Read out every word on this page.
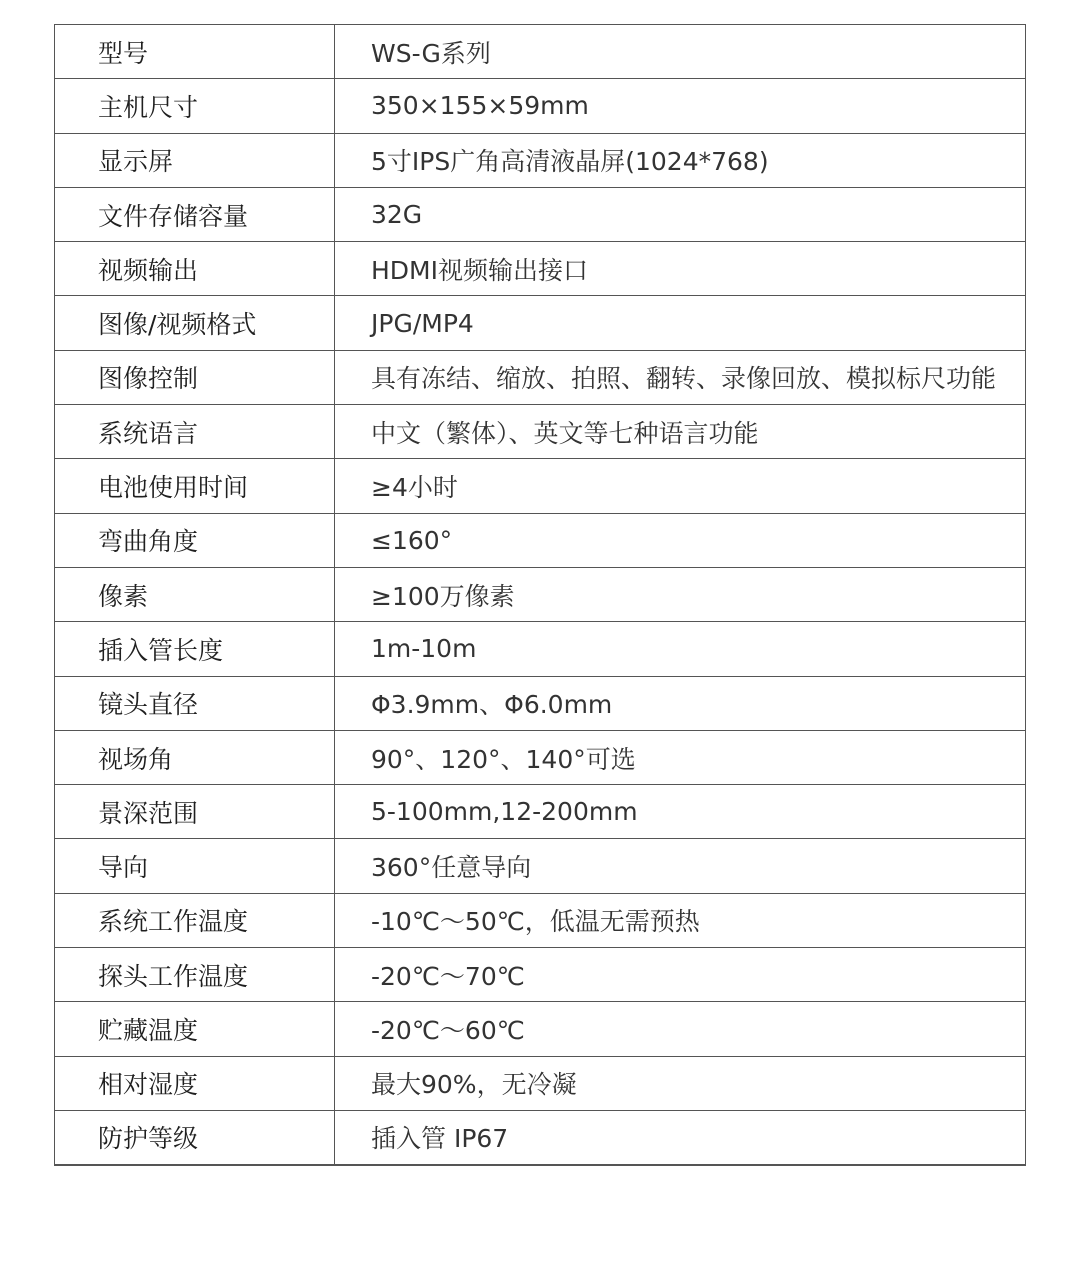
型号	WS-G系列
主机尺寸	350×155×59mm
显示屏	5寸IPS广角高清液晶屏(1024*768)
文件存储容量	32G
视频输出	HDMI视频输出接口
图像/视频格式	JPG/MP4
图像控制	具有冻结、缩放、拍照、翻转、录像回放、模拟标尺功能
系统语言	中文（繁体）、英文等七种语言功能
电池使用时间	≥4小时
弯曲角度	≤160°
像素	≥100万像素
插入管长度	1m-10m
镜头直径	Φ3.9mm、Φ6.0mm
视场角	90°、120°、140°可选
景深范围	5-100mm,12-200mm
导向	360°任意导向
系统工作温度	-10℃～50℃，低温无需预热
探头工作温度	-20℃～70℃
贮藏温度	-20℃～60℃
相对湿度	最大90%，无冷凝
防护等级	插入管 IP67
